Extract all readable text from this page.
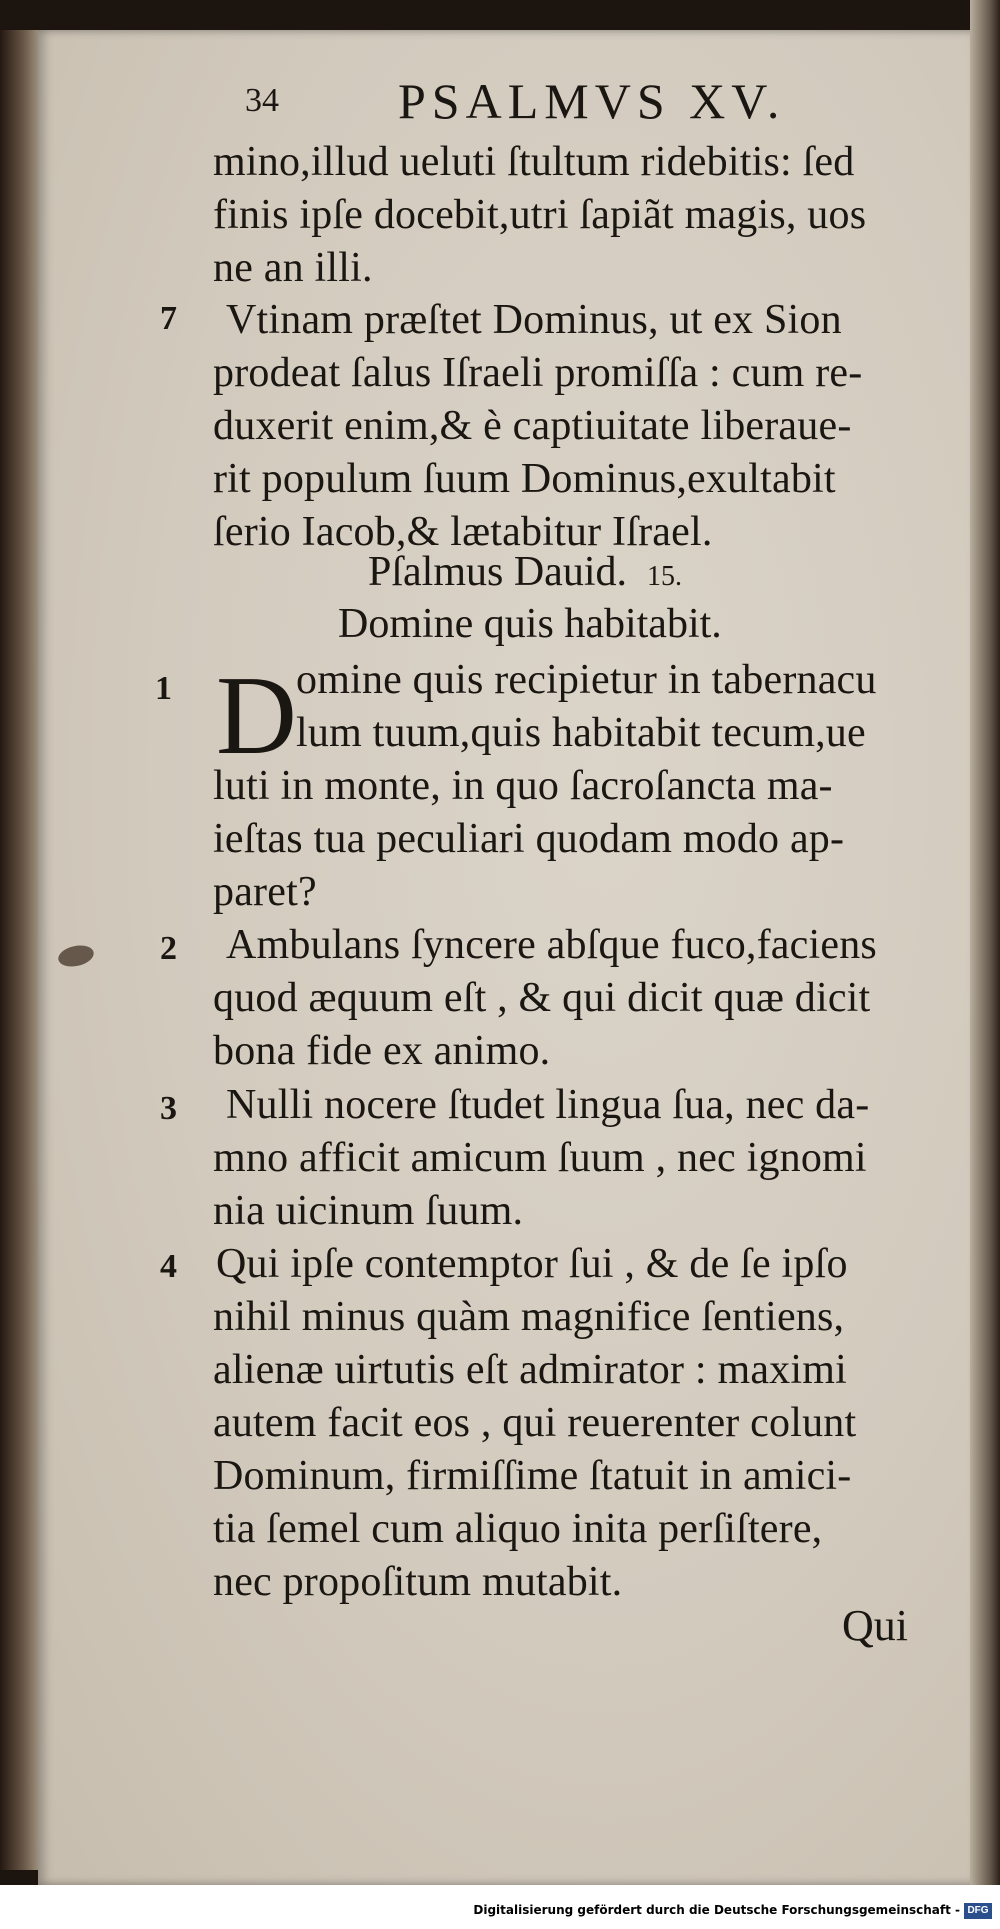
34 PSALMVS XV.
mino,illud ueluti ſtultum ridebitis: ſed
finis ipſe docebit,utri ſapiãt magis, uos
ne an illi.
7 Vtinam præſtet Dominus, ut ex Sion
prodeat ſalus Iſraeli promiſſa : cum re-
duxerit enim,& è captiuitate liberaue-
rit populum ſuum Dominus,exultabit
ſerio Iacob,& lætabitur Iſrael.
Pſalmus Dauid. 15.
Domine quis habitabit.
1 D omine quis recipietur in tabernacu
lum tuum,quis habitabit tecum,ue
luti in monte, in quo ſacroſancta ma-
ieſtas tua peculiari quodam modo ap-
paret?
2 Ambulans ſyncere abſque fuco,faciens
quod æquum eſt , & qui dicit quæ dicit
bona fide ex animo.
3 Nulli nocere ſtudet lingua ſua, nec da-
mno afficit amicum ſuum , nec ignomi
nia uicinum ſuum.
4 Qui ipſe contemptor ſui , & de ſe ipſo
nihil minus quàm magnifice ſentiens,
alienæ uirtutis eſt admirator : maximi
autem facit eos , qui reuerenter colunt
Dominum, firmiſſime ſtatuit in amici-
tia ſemel cum aliquo inita perſiſtere,
nec propoſitum mutabit.
Qui
Digitalisierung gefördert durch die Deutsche Forschungsgemeinschaft - DFG
